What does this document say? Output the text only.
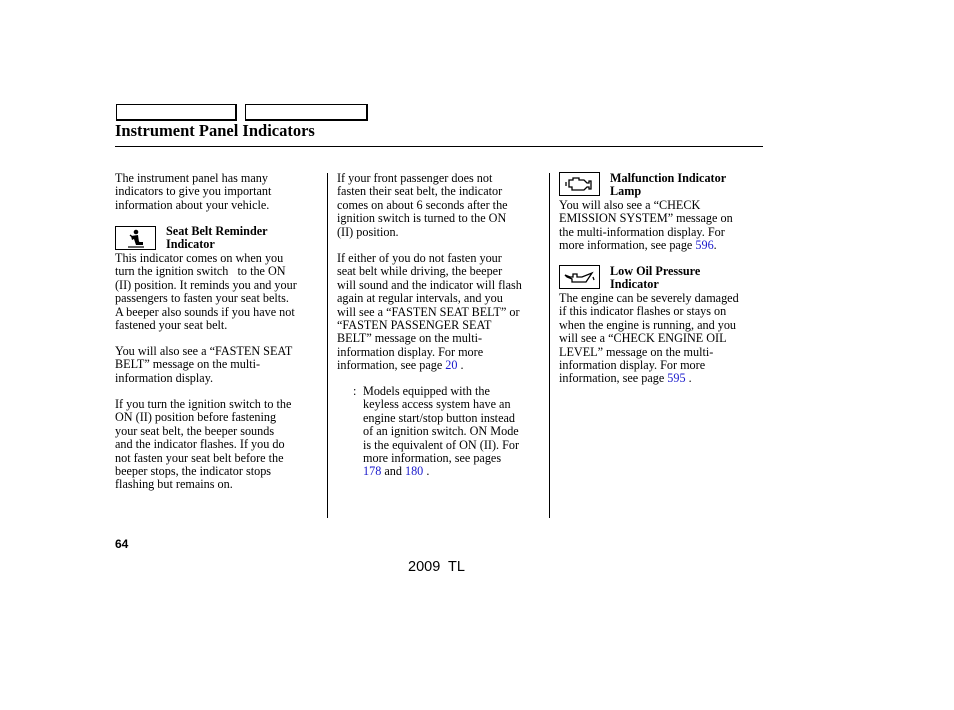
Instrument Panel Indicators
The instrument panel has many
indicators to give you important
information about your vehicle.
Seat Belt Reminder
Indicator
This indicator comes on when you
turn the ignition switch   to the ON
(II) position. It reminds you and your
passengers to fasten your seat belts.
A beeper also sounds if you have not
fastened your seat belt.
You will also see a “FASTEN SEAT
BELT” message on the multi-
information display.
If you turn the ignition switch to the
ON (II) position before fastening
your seat belt, the beeper sounds
and the indicator flashes. If you do
not fasten your seat belt before the
beeper stops, the indicator stops
flashing but remains on.
If your front passenger does not
fasten their seat belt, the indicator
comes on about 6 seconds after the
ignition switch is turned to the ON
(II) position.
If either of you do not fasten your
seat belt while driving, the beeper
will sound and the indicator will flash
again at regular intervals, and you
will see a “FASTEN SEAT BELT” or
“FASTEN PASSENGER SEAT
BELT” message on the multi-
information display. For more
information, see page 20 .
: Models equipped with the
keyless access system have an
engine start/stop button instead
of an ignition switch. ON Mode
is the equivalent of ON (II). For
more information, see pages
178 and 180 .
Malfunction Indicator
Lamp
You will also see a “CHECK
EMISSION SYSTEM” message on
the multi-information display. For
more information, see page 596.
Low Oil Pressure
Indicator
The engine can be severely damaged
if this indicator flashes or stays on
when the engine is running, and you
will see a “CHECK ENGINE OIL
LEVEL” message on the multi-
information display. For more
information, see page 595 .
64
2009  TL
